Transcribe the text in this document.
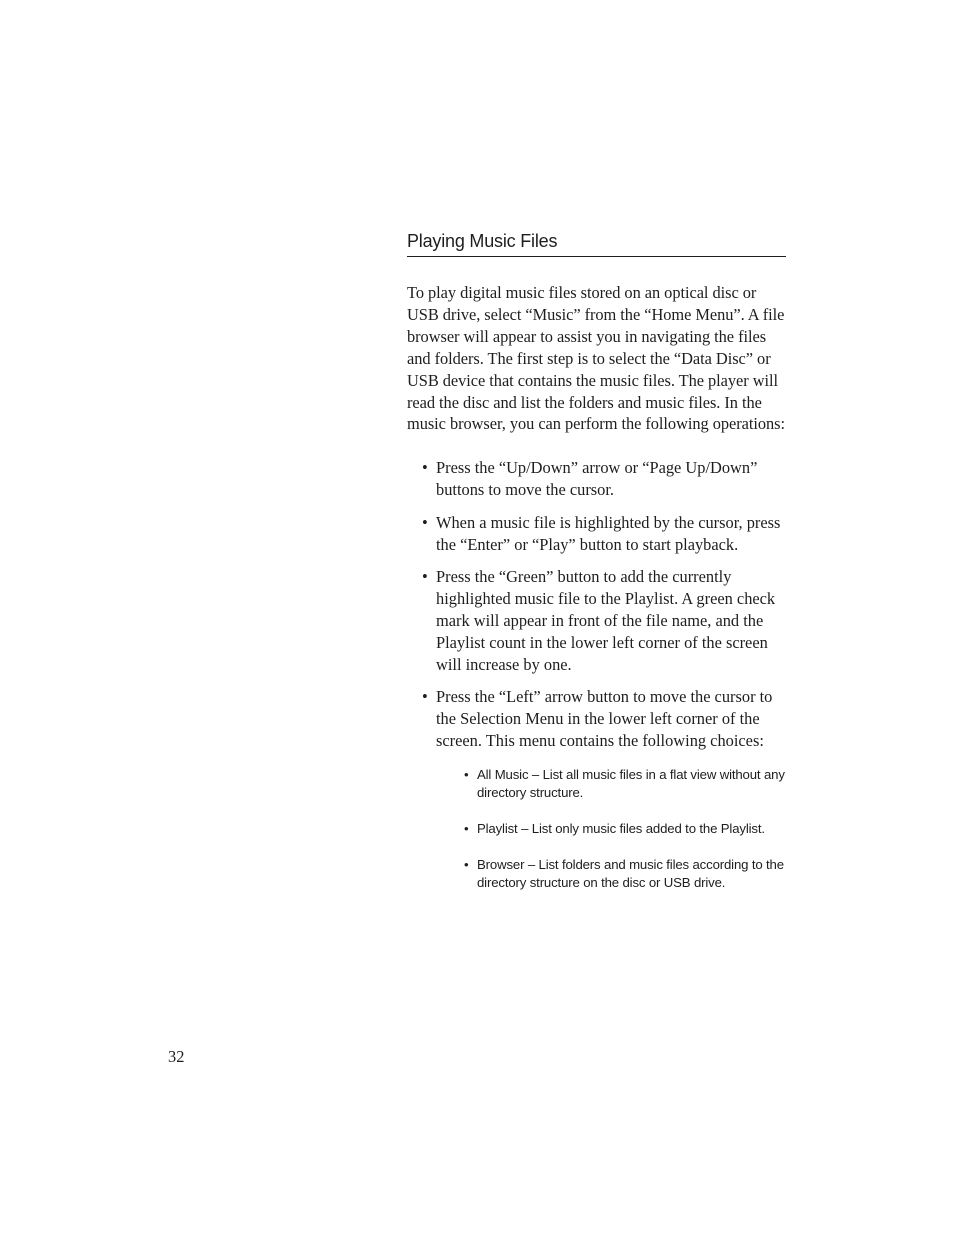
Playing Music Files

To play digital music files stored on an optical disc or USB drive, select “Music” from the “Home Menu”. A file browser will appear to assist you in navigating the files and folders. The first step is to select the “Data Disc” or USB device that contains the music files. The player will read the disc and list the folders and music files. In the music browser, you can perform the following operations:

• Press the “Up/Down” arrow or “Page Up/Down” buttons to move the cursor.
• When a music file is highlighted by the cursor, press the “Enter” or “Play” button to start playback.
• Press the “Green” button to add the currently highlighted music file to the Playlist. A green check mark will appear in front of the file name, and the Playlist count in the lower left corner of the screen will increase by one.
• Press the “Left” arrow button to move the cursor to the Selection Menu in the lower left corner of the screen. This menu contains the following choices:
• All Music – List all music files in a flat view without any directory structure.
• Playlist – List only music files added to the Playlist.
• Browser – List folders and music files according to the directory structure on the disc or USB drive.
32
